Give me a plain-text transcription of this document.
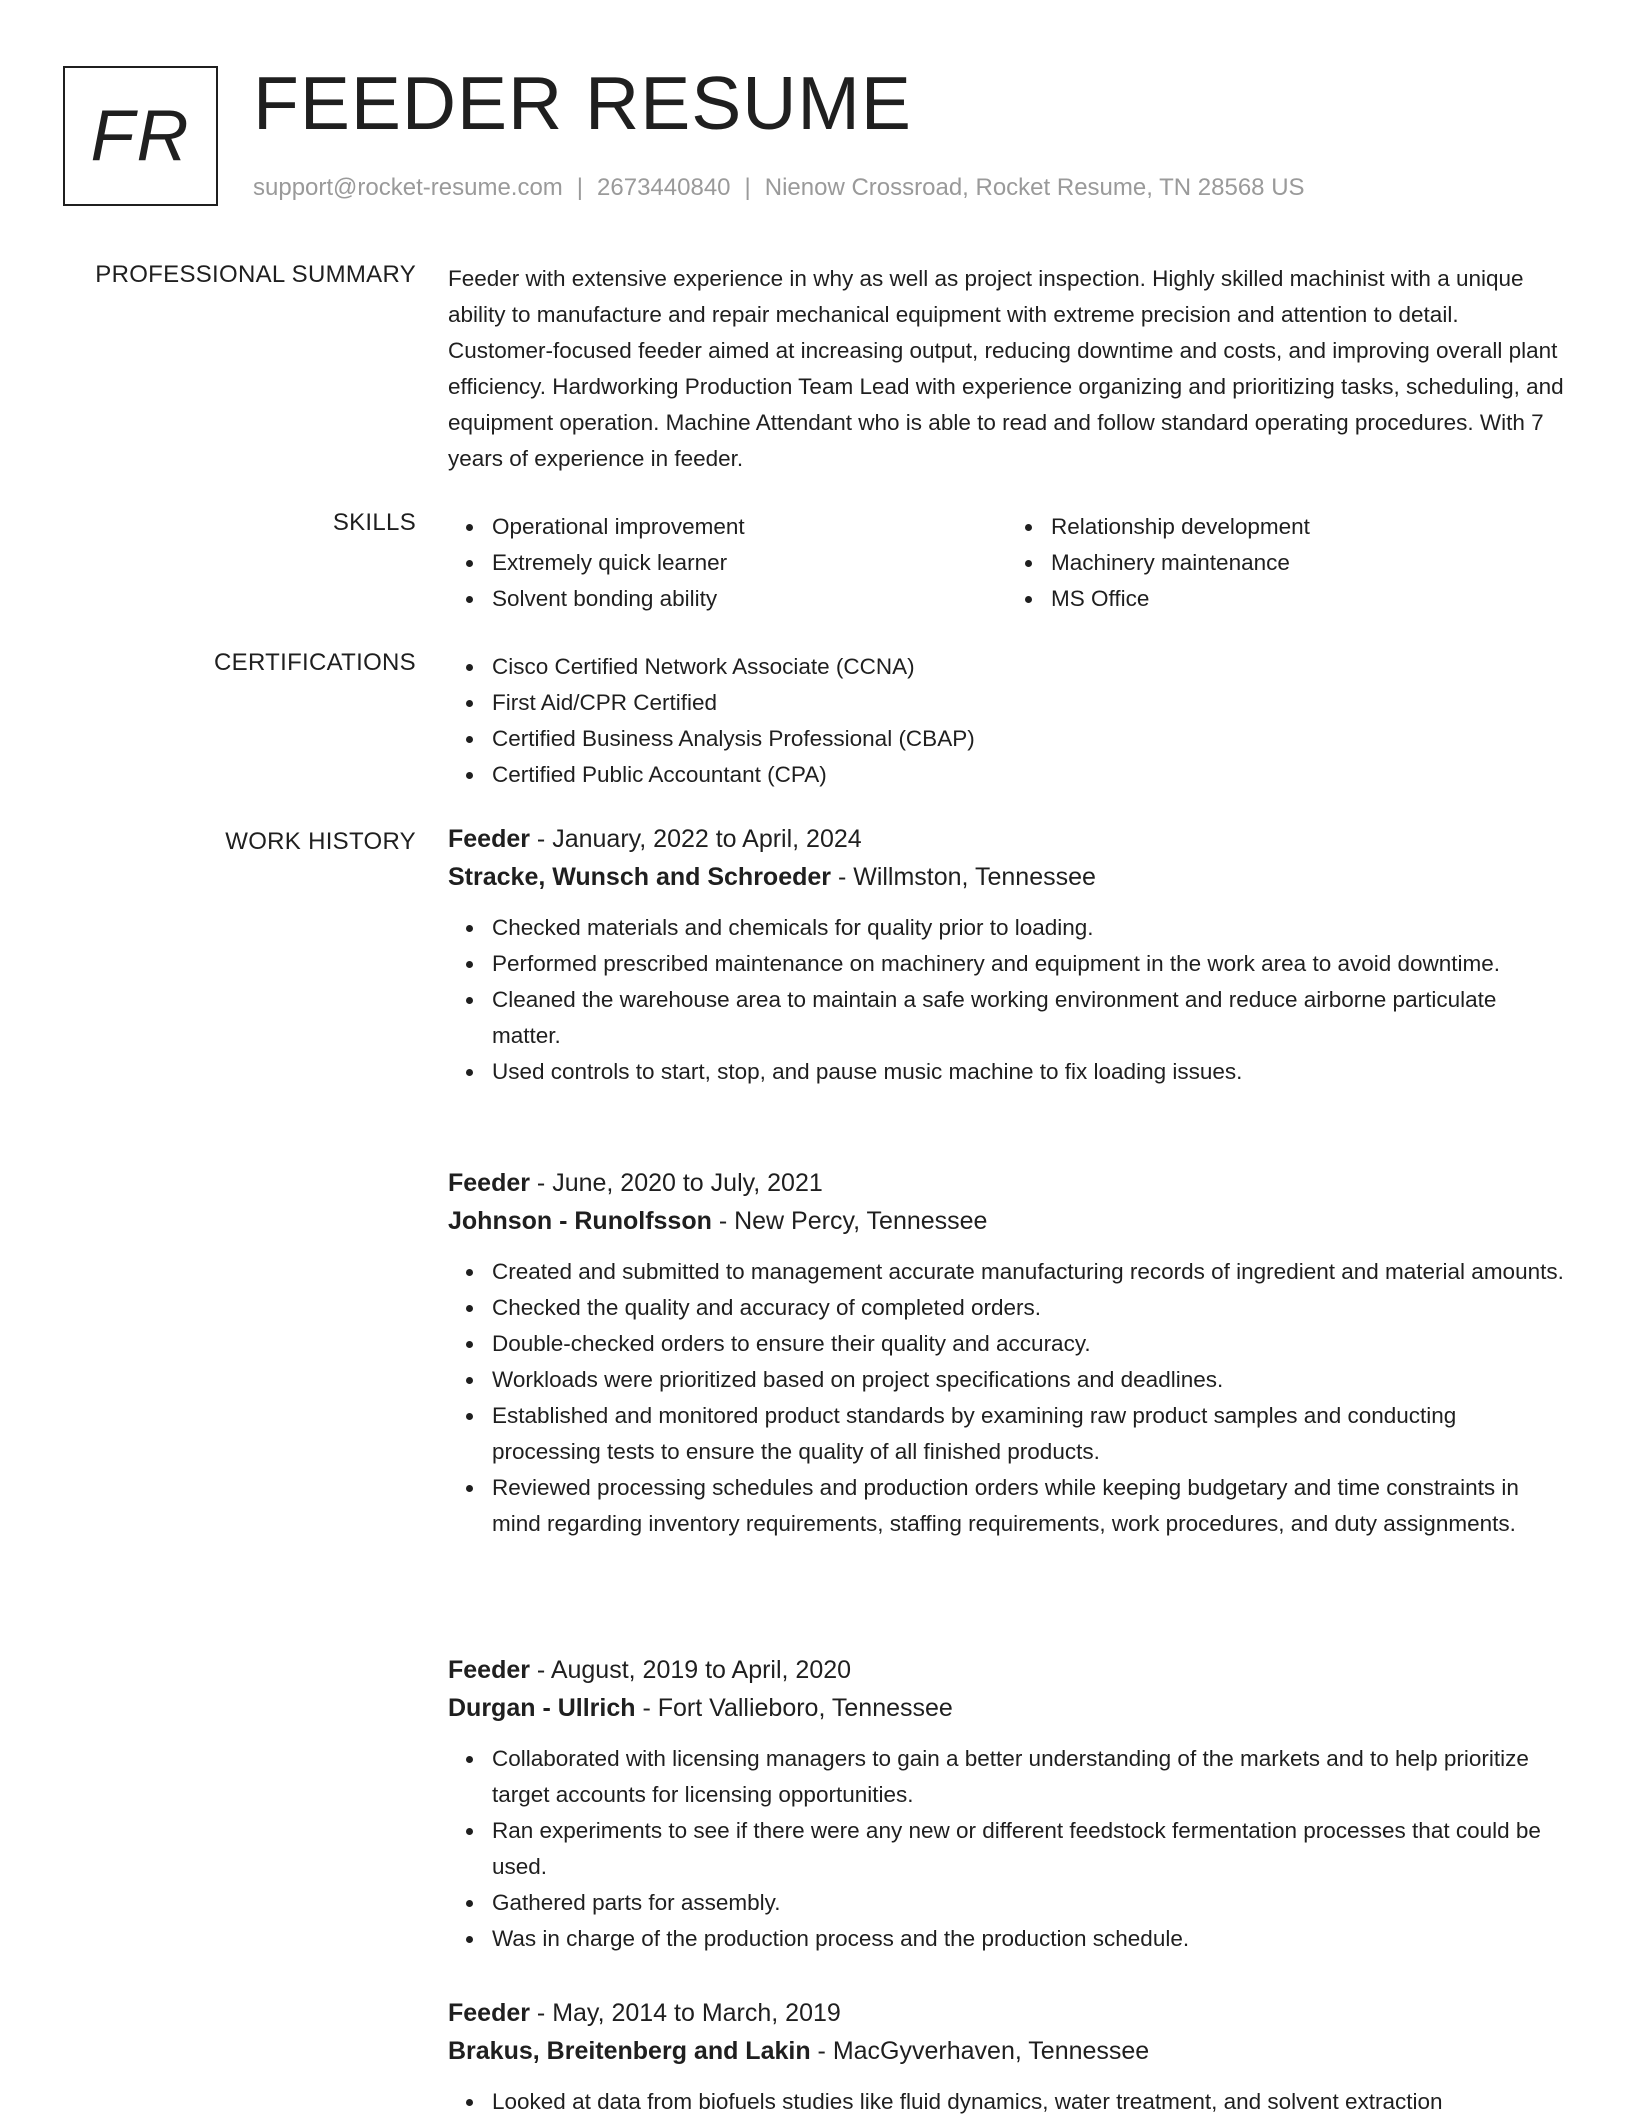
FR FEEDER RESUME
support@rocket-resume.com | 2673440840 | Nienow Crossroad, Rocket Resume, TN 28568 US
PROFESSIONAL SUMMARY Feeder with extensive experience in why as well as project inspection. Highly skilled machinist with a unique ability to manufacture and repair mechanical equipment with extreme precision and attention to detail. Customer-focused feeder aimed at increasing output, reducing downtime and costs, and improving overall plant efficiency. Hardworking Production Team Lead with experience organizing and prioritizing tasks, scheduling, and equipment operation. Machine Attendant who is able to read and follow standard operating procedures. With 7 years of experience in feeder.

SKILLS	Operational improvement
Extremely quick learner
Solvent bonding ability
Relationship development
Machinery maintenance
MS Office
CERTIFICATIONS	Cisco Certified Network Associate (CCNA)
First Aid/CPR Certified
Certified Business Analysis Professional (CBAP)
Certified Public Accountant (CPA)
WORK HISTORY Feeder - January, 2022 to April, 2024
Stracke, Wunsch and Schroeder - Willmston, Tennessee
Checked materials and chemicals for quality prior to loading.
Performed prescribed maintenance on machinery and equipment in the work area to avoid downtime.
Cleaned the warehouse area to maintain a safe working environment and reduce airborne particulate matter.
Used controls to start, stop, and pause music machine to fix loading issues.
Feeder - June, 2020 to July, 2021
Johnson - Runolfsson - New Percy, Tennessee
Created and submitted to management accurate manufacturing records of ingredient and material amounts.
Checked the quality and accuracy of completed orders.
Double-checked orders to ensure their quality and accuracy.
Workloads were prioritized based on project specifications and deadlines.
Established and monitored product standards by examining raw product samples and conducting processing tests to ensure the quality of all finished products.
Reviewed processing schedules and production orders while keeping budgetary and time constraints in mind regarding inventory requirements, staffing requirements, work procedures, and duty assignments.
Feeder - August, 2019 to April, 2020
Durgan - Ullrich - Fort Vallieboro, Tennessee
Collaborated with licensing managers to gain a better understanding of the markets and to help prioritize target accounts for licensing opportunities.
Ran experiments to see if there were any new or different feedstock fermentation processes that could be used.
Gathered parts for assembly.
Was in charge of the production process and the production schedule.
Feeder - May, 2014 to March, 2019
Brakus, Breitenberg and Lakin - MacGyverhaven, Tennessee
Looked at data from biofuels studies like fluid dynamics, water treatment, and solvent extraction
